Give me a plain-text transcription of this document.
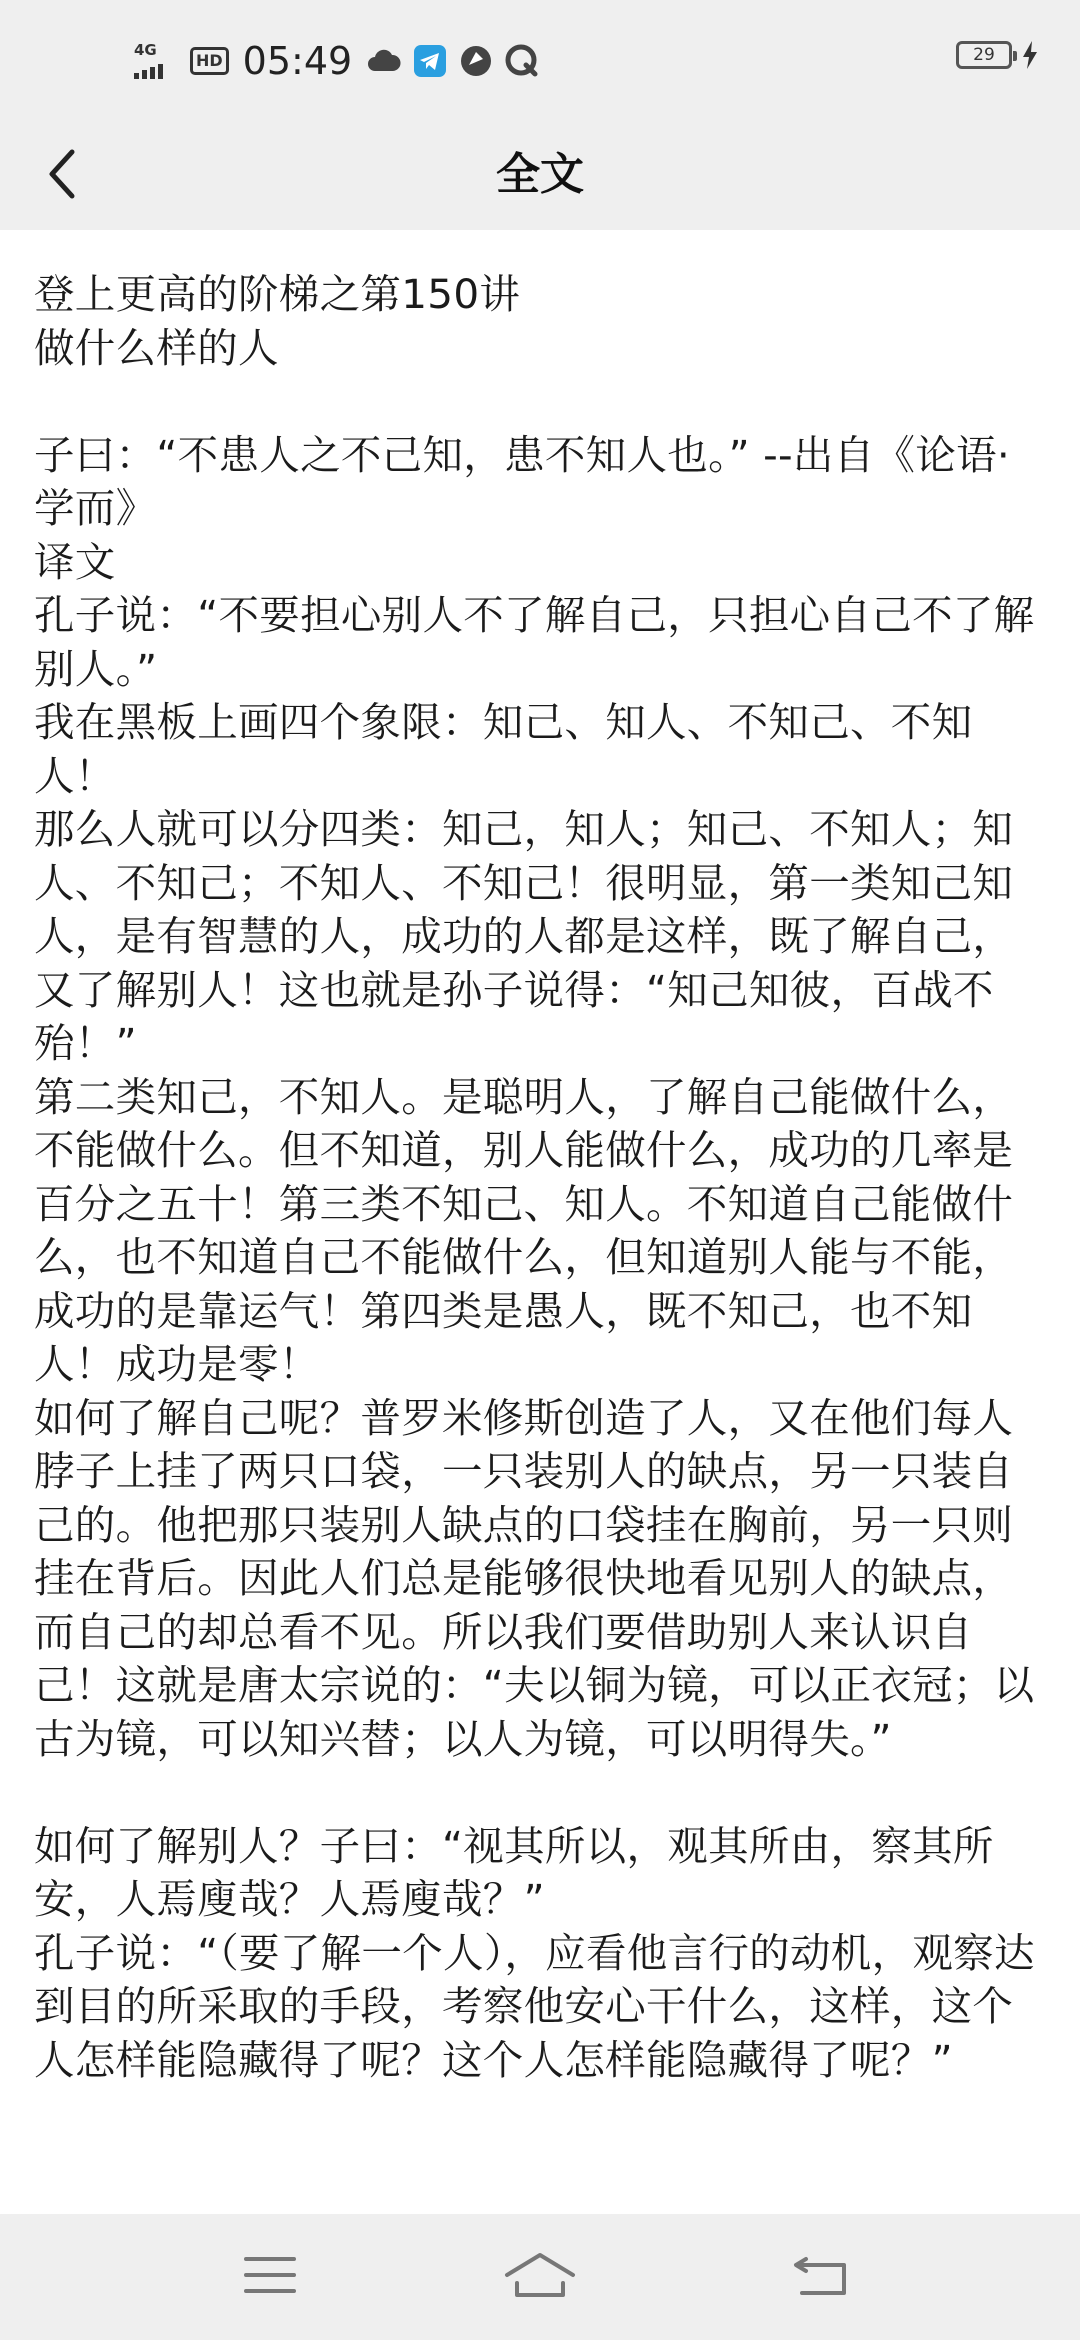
4G
HD 05:49	29
全文

登上更高的阶梯之第150讲

做什么样的人

子曰：“不患人之不己知，患不知人也。” --出自《论语·学而》

译文

孔子说：“不要担心别人不了解自己，只担心自己不了解别人。”

我在黑板上画四个象限：知己、知人、不知己、不知人！

那么人就可以分四类：知己，知人；知己、不知人；知人、不知己；不知人、不知己！很明显，第一类知己知人，是有智慧的人，成功的人都是这样，既了解自己，又了解别人！这也就是孙子说得：“知己知彼，百战不殆！”

第二类知己，不知人。是聪明人，了解自己能做什么，不能做什么。但不知道，别人能做什么，成功的几率是百分之五十！第三类不知己、知人。不知道自己能做什么，也不知道自己不能做什么，但知道别人能与不能，成功的是靠运气！第四类是愚人，既不知己，也不知人！成功是零！

如何了解自己呢？普罗米修斯创造了人，又在他们每人脖子上挂了两只口袋，一只装别人的缺点，另一只装自己的。他把那只装别人缺点的口袋挂在胸前，另一只则挂在背后。因此人们总是能够很快地看见别人的缺点，而自己的却总看不见。所以我们要借助别人来认识自己！这就是唐太宗说的：“夫以铜为镜，可以正衣冠；以古为镜，可以知兴替；以人为镜，可以明得失。”

如何了解别人？子曰：“视其所以，观其所由，察其所安，人焉廋哉？人焉廋哉？”

孔子说：“（要了解一个人），应看他言行的动机，观察达到目的所采取的手段，考察他安心干什么，这样，这个人怎样能隐藏得了呢？这个人怎样能隐藏得了呢？”
